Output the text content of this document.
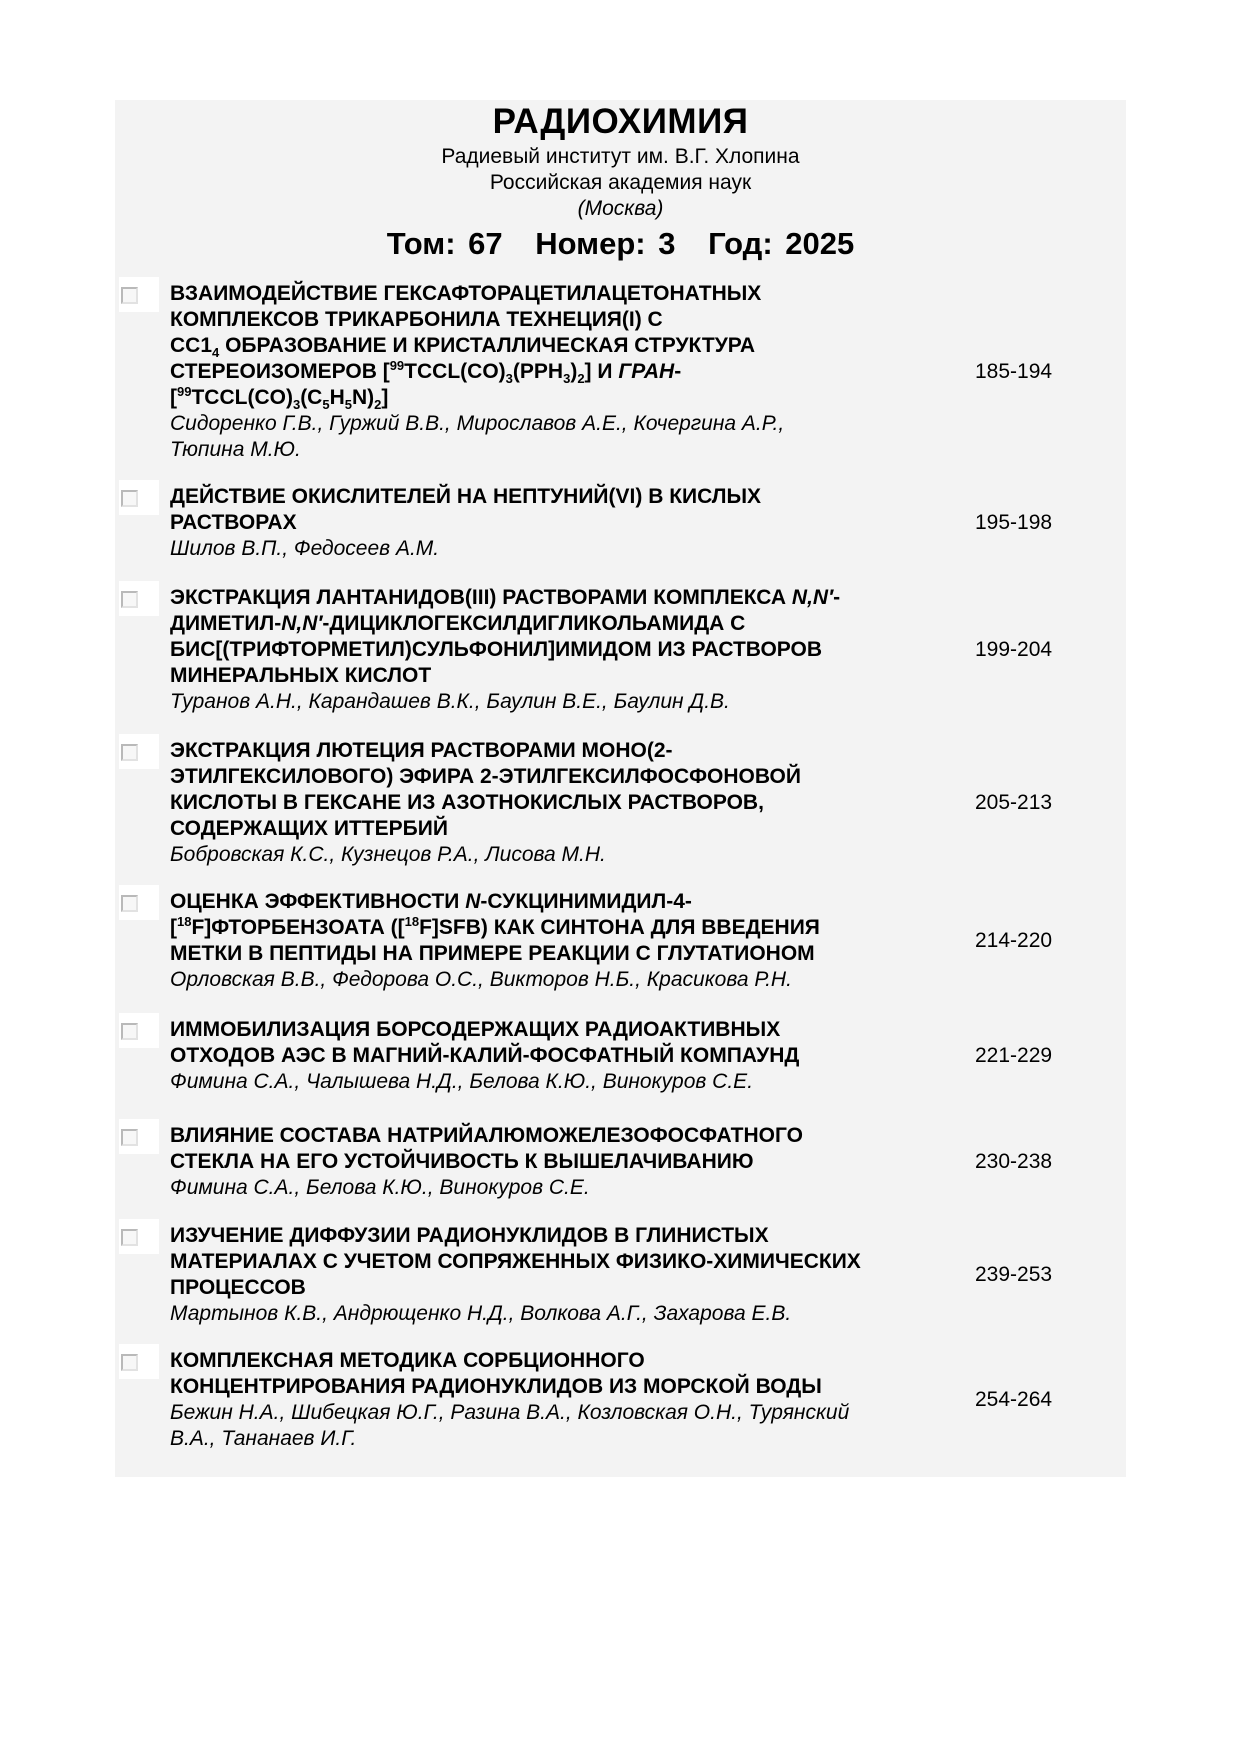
РАДИОХИМИЯ
Радиевый институт им. В.Г. Хлопина
Российская академия наук
(Москва)
Том: 67 Номер: 3 Год: 2025
ВЗАИМОДЕЙСТВИЕ ГЕКСАФТОРАЦЕТИЛАЦЕТОНАТНЫХ
КОМПЛЕКСОВ ТРИКАРБОНИЛА ТЕХНЕЦИЯ(I) С
$CC1_4$ ОБРАЗОВАНИЕ И КРИСТАЛЛИЧЕСКАЯ СТРУКТУРА
СТЕРЕОИЗОМЕРОВ $[^{99}TCCL(CO)_3(PPH_3)_2]$ И ГРАН-
$[^{99}TCCL(CO)_3(C_5H_5N)_2]$
Сидоренко Г.В., Гуржий В.В., Мирославов А.Е., Кочергина А.Р.,
Тюпина М.Ю.
185-194
ДЕЙСТВИЕ ОКИСЛИТЕЛЕЙ НА НЕПТУНИЙ(VI) В КИСЛЫХ
РАСТВОРАХ
Шилов В.П., Федосеев А.М.
195-198
ЭКСТРАКЦИЯ ЛАНТАНИДОВ(III) РАСТВОРАМИ КОМПЛЕКСА N,N′-
ДИМЕТИЛ-N,N′-ДИЦИКЛОГЕКСИЛДИГЛИКОЛЬАМИДА С
БИС[(ТРИФТОРМЕТИЛ)СУЛЬФОНИЛ]ИМИДОМ ИЗ РАСТВОРОВ
МИНЕРАЛЬНЫХ КИСЛОТ
Туранов А.Н., Карандашев В.К., Баулин В.Е., Баулин Д.В.
199-204
ЭКСТРАКЦИЯ ЛЮТЕЦИЯ РАСТВОРАМИ МОНО(2-
ЭТИЛГЕКСИЛОВОГО) ЭФИРА 2-ЭТИЛГЕКСИЛФОСФОНОВОЙ
КИСЛОТЫ В ГЕКСАНЕ ИЗ АЗОТНОКИСЛЫХ РАСТВОРОВ,
СОДЕРЖАЩИХ ИТТЕРБИЙ
Бобровская К.С., Кузнецов Р.А., Лисова М.Н.
205-213
ОЦЕНКА ЭФФЕКТИВНОСТИ N-СУКЦИНИМИДИЛ-4-
[$^{18}$F]ФТОРБЕНЗОАТА ([$^{18}$F]SFB) КАК СИНТОНА ДЛЯ ВВЕДЕНИЯ
МЕТКИ В ПЕПТИДЫ НА ПРИМЕРЕ РЕАКЦИИ С ГЛУТАТИОНОМ
Орловская В.В., Федорова О.С., Викторов Н.Б., Красикова Р.Н.
214-220
ИММОБИЛИЗАЦИЯ БОРСОДЕРЖАЩИХ РАДИОАКТИВНЫХ
ОТХОДОВ АЭС В МАГНИЙ-КАЛИЙ-ФОСФАТНЫЙ КОМПАУНД
Фимина С.А., Чалышева Н.Д., Белова К.Ю., Винокуров С.Е.
221-229
ВЛИЯНИЕ СОСТАВА НАТРИЙАЛЮМОЖЕЛЕЗОФОСФАТНОГО
СТЕКЛА НА ЕГО УСТОЙЧИВОСТЬ К ВЫШЕЛАЧИВАНИЮ
Фимина С.А., Белова К.Ю., Винокуров С.Е.
230-238
ИЗУЧЕНИЕ ДИФФУЗИИ РАДИОНУКЛИДОВ В ГЛИНИСТЫХ
МАТЕРИАЛАХ С УЧЕТОМ СОПРЯЖЕННЫХ ФИЗИКО-ХИМИЧЕСКИХ
ПРОЦЕССОВ
Мартынов К.В., Андрющенко Н.Д., Волкова А.Г., Захарова Е.В.
239-253
КОМПЛЕКСНАЯ МЕТОДИКА СОРБЦИОННОГО
КОНЦЕНТРИРОВАНИЯ РАДИОНУКЛИДОВ ИЗ МОРСКОЙ ВОДЫ
Бежин Н.А., Шибецкая Ю.Г., Разина В.А., Козловская О.Н., Турянский
В.А., Тананаев И.Г.
254-264
